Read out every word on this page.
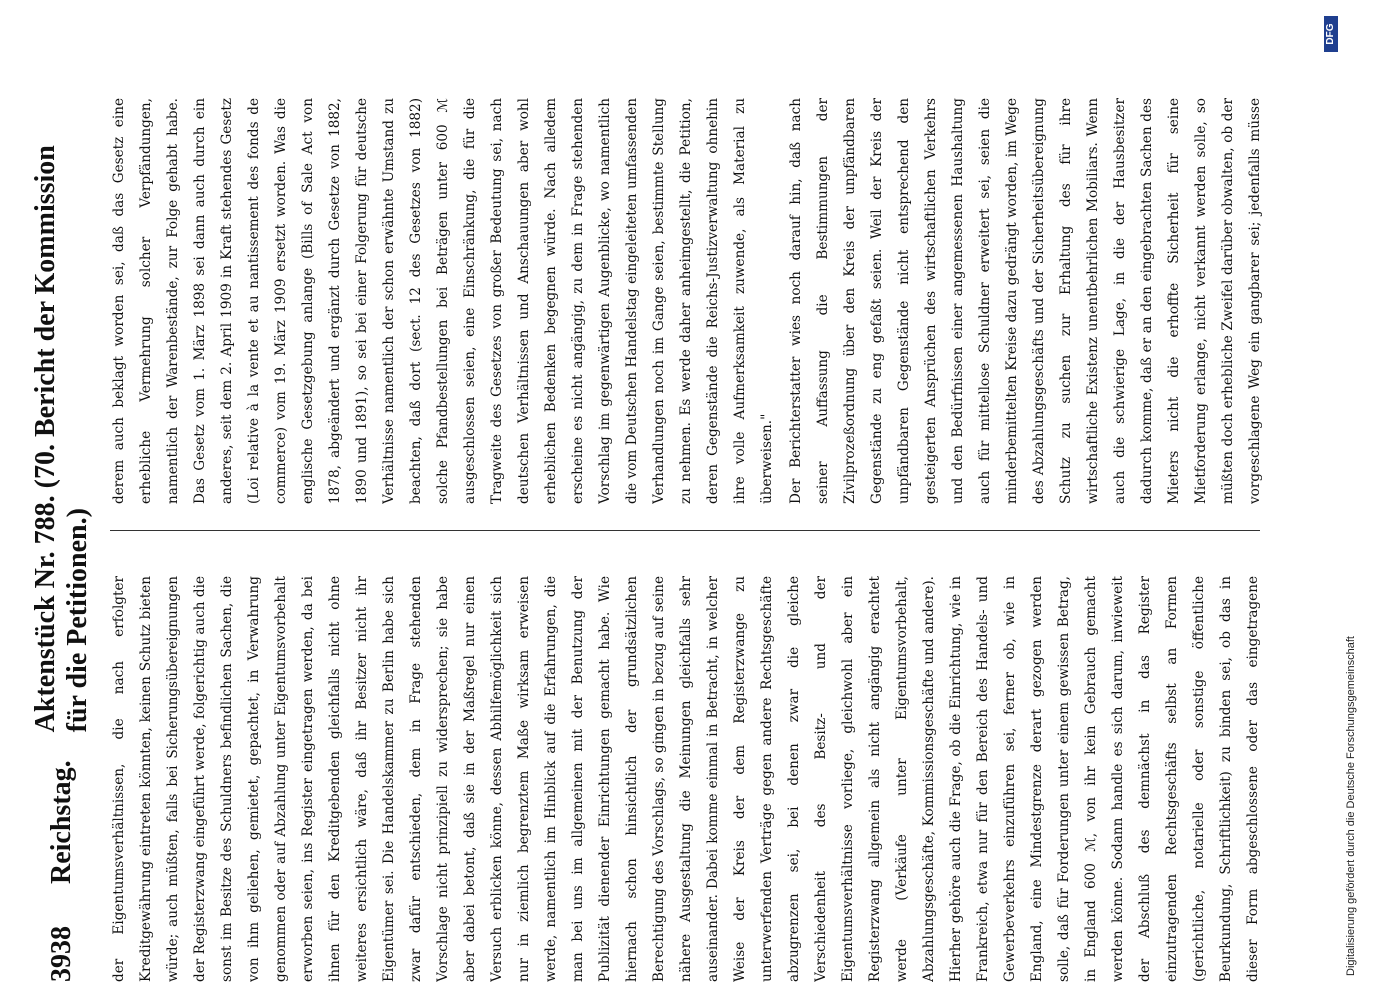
3938
Reichstag.
Aktenstück Nr. 788. (70. Bericht der Kommission für die Petitionen.)

der Eigentumsverhältnissen, die nach erfolgter Kreditgewährung eintreten könnten, keinen Schutz bieten würde; auch müßten, falls bei Sicherungsübereignungen der Registerzwang eingeführt werde, folgerichtig auch die sonst im Besitze des Schuldners befindlichen Sachen, die von ihm geliehen, gemietet, gepachtet, in Verwahrung genommen oder auf Abzahlung unter Eigentumsvorbehalt erworben seien, ins Register eingetragen werden, da bei ihnen für den Kreditgebenden gleichfalls nicht ohne weiteres ersichtlich wäre, daß ihr Besitzer nicht ihr Eigentümer sei. Die Handelskammer zu Berlin habe sich zwar dafür entschieden, dem in Frage stehenden Vorschlage nicht prinzipiell zu widersprechen; sie habe aber dabei betont, daß sie in der Maßregel nur einen Versuch erblicken könne, dessen Abhilfemöglichkeit sich nur in ziemlich begrenztem Maße wirksam erweisen werde, namentlich im Hinblick auf die Erfahrungen, die man bei uns im allgemeinen mit der Benutzung der Publizität dienender Einrichtungen gemacht habe. Wie hiernach schon hinsichtlich der grundsätzlichen Berechtigung des Vorschlags, so gingen in bezug auf seine nähere Ausgestaltung die Meinungen gleichfalls sehr auseinander. Dabei komme einmal in Betracht, in welcher Weise der Kreis der dem Registerzwange zu unterwerfenden Verträge gegen andere Rechtsgeschäfte abzugrenzen sei, bei denen zwar die gleiche Verschiedenheit des Besitz- und der Eigentumsverhältnisse vorliege, gleichwohl aber ein Registerzwang allgemein als nicht angängig erachtet werde (Verkäufe unter Eigentumsvorbehalt, Abzahlungsgeschäfte, Kommissionsgeschäfte und andere). Hierher gehöre auch die Frage, ob die Einrichtung, wie in Frankreich, etwa nur für den Bereich des Handels- und Gewerbeverkehrs einzuführen sei, ferner ob, wie in England, eine Mindestgrenze derart gezogen werden solle, daß für Forderungen unter einem gewissen Betrag, in England 600 ℳ, von ihr kein Gebrauch gemacht werden könne. Sodann handle es sich darum, inwieweit der Abschluß des demnächst in das Register einzutragenden Rechtsgeschäfts selbst an Formen (gerichtliche, notarielle oder sonstige öffentliche Beurkundung, Schriftlichkeit) zu binden sei, ob das in dieser Form abgeschlossene oder das eingetragene

derem auch beklagt worden sei, daß das Gesetz eine erhebliche Vermehrung solcher Verpfändungen, namentlich der Warenbestände, zur Folge gehabt habe. Das Gesetz vom 1. März 1898 sei dann auch durch ein anderes, seit dem 2. April 1909 in Kraft stehendes Gesetz (Loi relative à la vente et au nantissement des fonds de commerce) vom 19. März 1909 ersetzt worden. Was die englische Gesetzgebung anlange (Bills of Sale Act von 1878, abgeändert und ergänzt durch Gesetze von 1882, 1890 und 1891), so sei bei einer Folgerung für deutsche Verhältnisse namentlich der schon erwähnte Umstand zu beachten, daß dort (sect. 12 des Gesetzes von 1882) solche Pfandbestellungen bei Beträgen unter 600 ℳ ausgeschlossen seien, eine Einschränkung, die für die Tragweite des Gesetzes von großer Bedeutung sei, nach deutschen Verhältnissen und Anschauungen aber wohl erheblichen Bedenken begegnen würde. Nach alledem erscheine es nicht angängig, zu dem in Frage stehenden Vorschlag im gegenwärtigen Augenblicke, wo namentlich die vom Deutschen Handelstag eingeleiteten umfassenden Verhandlungen noch im Gange seien, bestimmte Stellung zu nehmen. Es werde daher anheimgestellt, die Petition, deren Gegenstände die Reichs-Justizverwaltung ohnehin ihre volle Aufmerksamkeit zuwende, als Material zu überweisen." Der Berichterstatter wies noch darauf hin, daß nach seiner Auffassung die Bestimmungen der Zivilprozeßordnung über den Kreis der unpfändbaren Gegenstände zu eng gefaßt seien. Weil der Kreis der unpfändbaren Gegenstände nicht entsprechend den gesteigerten Ansprüchen des wirtschaftlichen Verkehrs und den Bedürfnissen einer angemessenen Haushaltung auch für mittellose Schuldner erweitert sei, seien die minderbemittelten Kreise dazu gedrängt worden, im Wege des Abzahlungsgeschäfts und der Sicherheitsübereignung Schutz zu suchen zur Erhaltung des für ihre wirtschaftliche Existenz unentbehrlichen Mobiliars. Wenn auch die schwierige Lage, in die der Hausbesitzer dadurch komme, daß er an den eingebrachten Sachen des Mieters nicht die erhoffte Sicherheit für seine Mietforderung erlange, nicht verkannt werden solle, so müßten doch erhebliche Zweifel darüber obwalten, ob der vorgeschlagene Weg ein gangbarer sei; jedenfalls müsse

Digitalisierung gefördert durch die Deutsche Forschungsgemeinschaft
DFG
